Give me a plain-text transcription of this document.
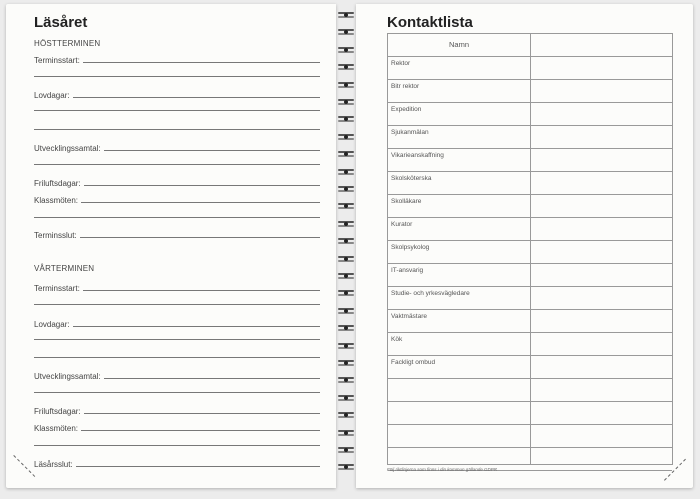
Läsåret
HÖSTTERMINEN
Terminsstart:
Lovdagar:
Utvecklingssamtal:
Friluftsdagar:
Klassmöten:
Terminsslut:
VÅRTERMINEN
Terminsstart:
Lovdagar:
Utvecklingssamtal:
Friluftsdagar:
Klassmöten:
Läsårsslut:
Kontaktlista
Namn
Rektor
Bitr rektor
Expedition
Sjukanmälan
Vikarieanskaffning
Skolsköterska
Skolläkare
Kurator
Skolpsykolog
IT-ansvarig
Studie- och yrkesvägledare
Vaktmästare
Kök
Fackligt ombud
Följ riktlinjerna som finns i din kommun gällande GDPR
